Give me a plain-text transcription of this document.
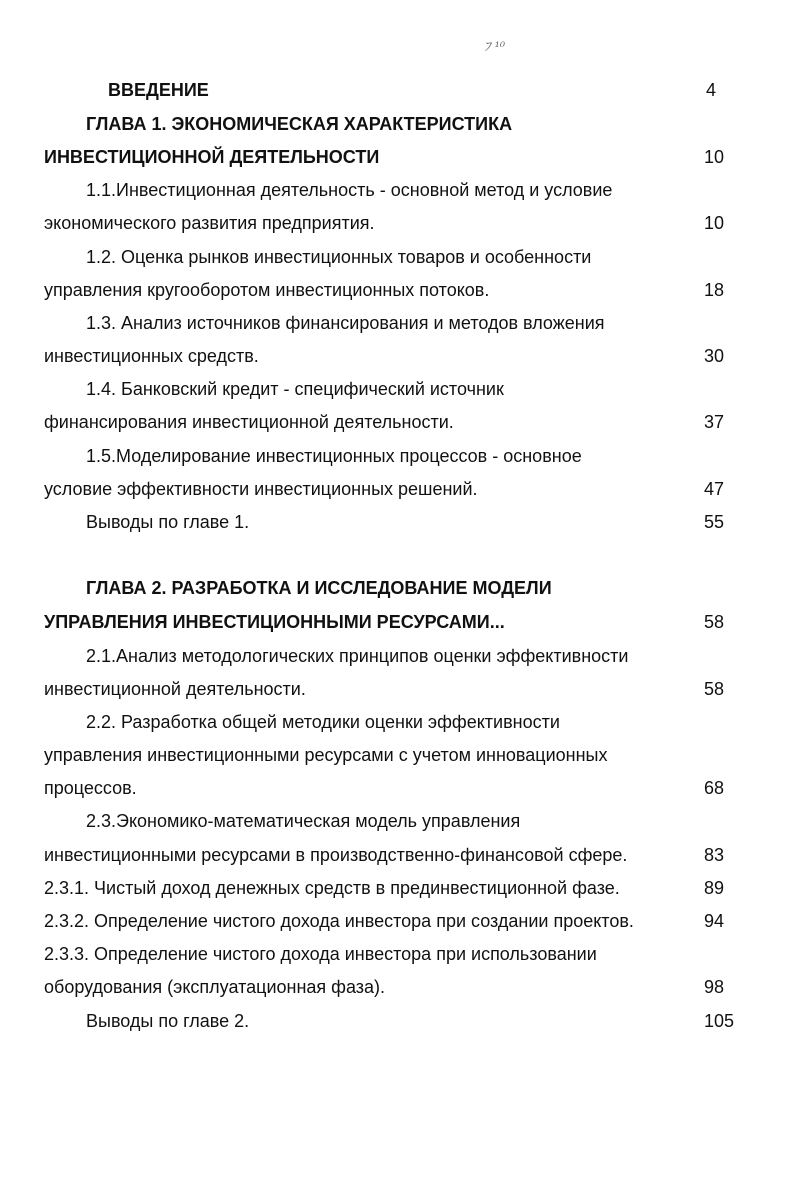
ﾌ ¹⁰
ВВЕДЕНИЕ	4
ГЛАВА 1. ЭКОНОМИЧЕСКАЯ ХАРАКТЕРИСТИКА
ИНВЕСТИЦИОННОЙ ДЕЯТЕЛЬНОСТИ	10
1.1.Инвестиционная деятельность - основной метод и условие
экономического развития предприятия.	10
1.2. Оценка рынков инвестиционных товаров и особенности
управления кругооборотом инвестиционных потоков.	18
1.3. Анализ источников финансирования и методов вложения
инвестиционных средств.	30
1.4. Банковский кредит - специфический источник
финансирования инвестиционной деятельности.	37
1.5.Моделирование инвестиционных процессов - основное
условие эффективности инвестиционных решений.	47
Выводы по главе 1.	55
ГЛАВА 2. РАЗРАБОТКА И ИССЛЕДОВАНИЕ МОДЕЛИ
УПРАВЛЕНИЯ ИНВЕСТИЦИОННЫМИ РЕСУРСАМИ...	58
2.1.Анализ методологических принципов оценки эффективности
инвестиционной деятельности.	58
2.2. Разработка общей методики оценки эффективности
управления инвестиционными ресурсами с учетом инновационных
процессов.	68
2.3.Экономико-математическая модель управления
инвестиционными ресурсами в производственно-финансовой сфере.	83
2.3.1. Чистый доход денежных средств в прединвестиционной фазе.	89
2.3.2. Определение чистого дохода инвестора при создании проектов.	94
2.3.3. Определение чистого дохода инвестора при использовании
оборудования (эксплуатационная фаза).	98
Выводы по главе 2.	105
